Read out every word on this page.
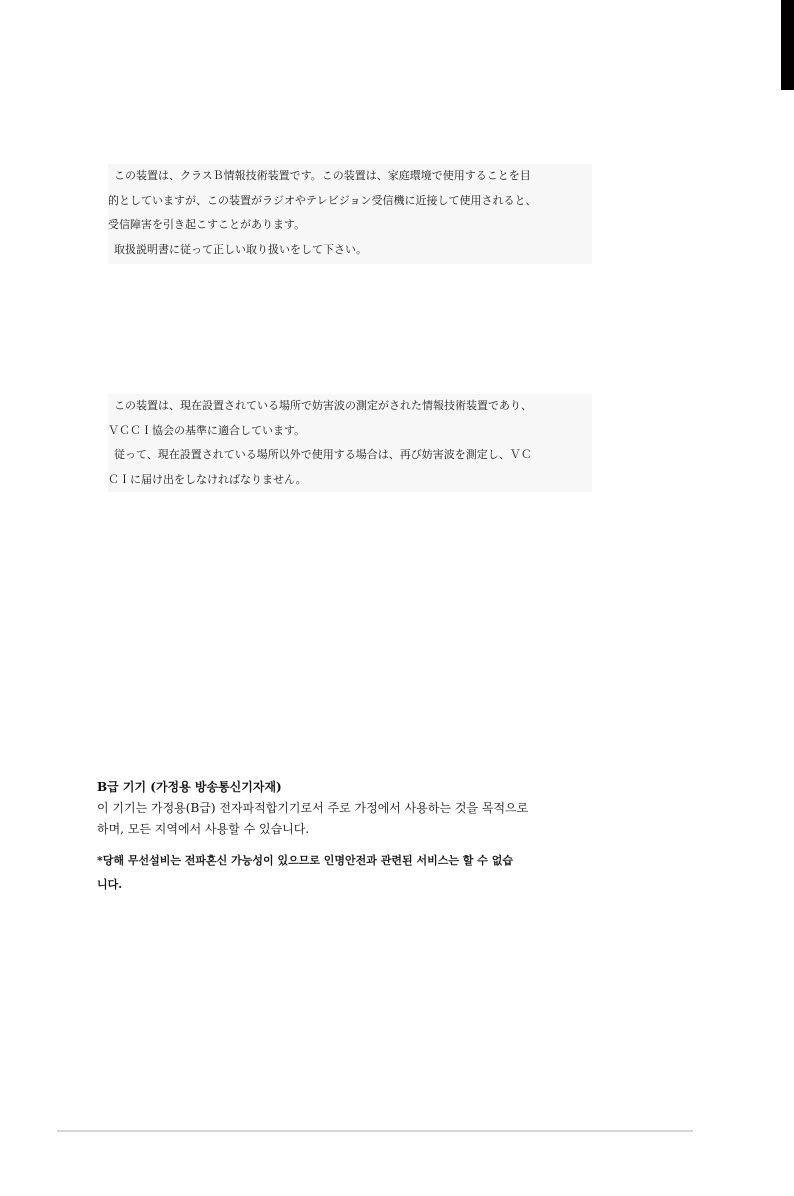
この装置は、クラスＢ情報技術装置です。この装置は、家庭環境で使用することを目
的としていますが、この装置がラジオやテレビジョン受信機に近接して使用されると、
受信障害を引き起こすことがあります。
取扱説明書に従って正しい取り扱いをして下さい。
この装置は、現在設置されている場所で妨害波の測定がされた情報技術装置であり、
ＶＣＣＩ協会の基準に適合しています。
従って、現在設置されている場所以外で使用する場合は、再び妨害波を測定し、ＶＣ
ＣＩに届け出をしなければなりません。
B급 기기 (가정용 방송통신기자재)
이 기기는 가정용(B급) 전자파적합기기로서 주로 가정에서 사용하는 것을 목적으로
하며, 모든 지역에서 사용할 수 있습니다.
*당해 무선설비는 전파혼신 가능성이 있으므로 인명안전과 관련된 서비스는 할 수 없습
니다.
